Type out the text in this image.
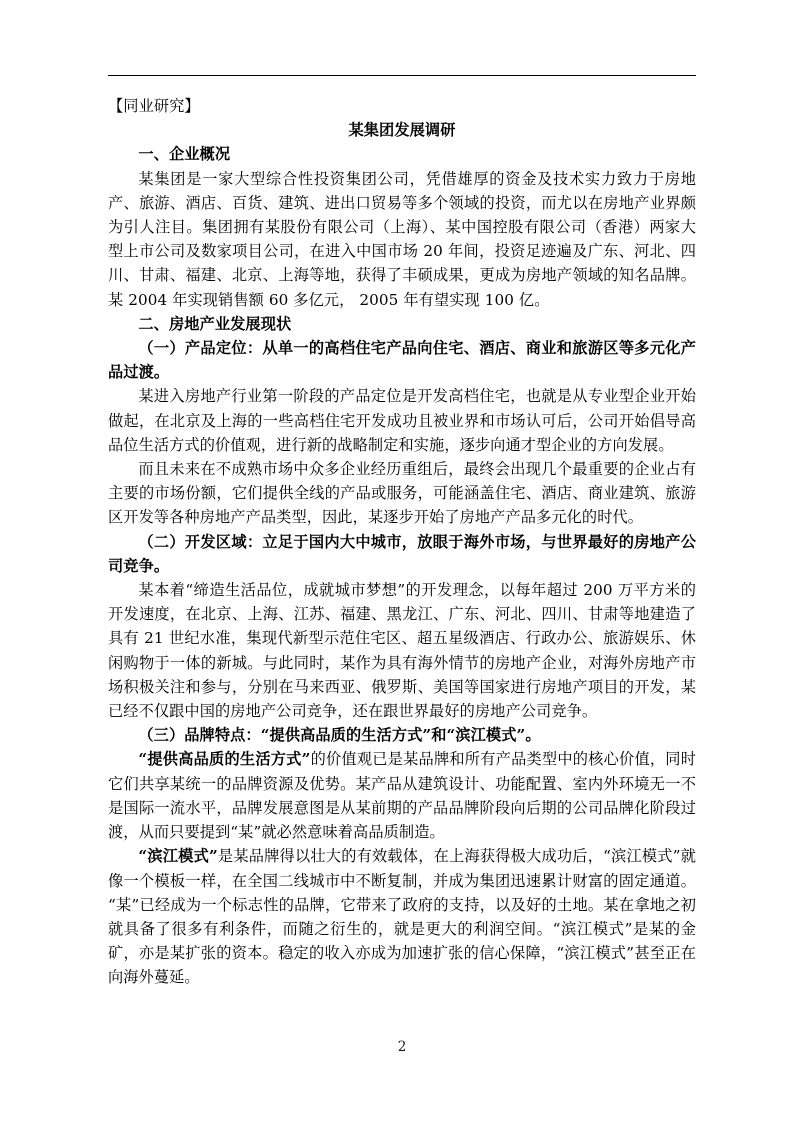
【同业研究】

某集团发展调研

一、企业概况

某集团是一家大型综合性投资集团公司，凭借雄厚的资金及技术实力致力于房地产、旅游、酒店、百货、建筑、进出口贸易等多个领域的投资，而尤以在房地产业界颇为引人注目。集团拥有某股份有限公司（上海）、某中国控股有限公司（香港）两家大型上市公司及数家项目公司，在进入中国市场 20 年间，投资足迹遍及广东、河北、四川、甘肃、福建、北京、上海等地，获得了丰硕成果，更成为房地产领域的知名品牌。某 2004 年实现销售额 60 多亿元， 2005 年有望实现 100 亿。

二、房地产业发展现状

（一）产品定位：从单一的高档住宅产品向住宅、酒店、商业和旅游区等多元化产品过渡。

某进入房地产行业第一阶段的产品定位是开发高档住宅，也就是从专业型企业开始做起，在北京及上海的一些高档住宅开发成功且被业界和市场认可后，公司开始倡导高品位生活方式的价值观，进行新的战略制定和实施，逐步向通才型企业的方向发展。

而且未来在不成熟市场中众多企业经历重组后，最终会出现几个最重要的企业占有主要的市场份额，它们提供全线的产品或服务，可能涵盖住宅、酒店、商业建筑、旅游区开发等各种房地产产品类型，因此，某逐步开始了房地产产品多元化的时代。

（二）开发区域：立足于国内大中城市，放眼于海外市场，与世界最好的房地产公司竞争。

某本着“缔造生活品位，成就城市梦想”的开发理念，以每年超过 200 万平方米的开发速度，在北京、上海、江苏、福建、黑龙江、广东、河北、四川、甘肃等地建造了具有 21 世纪水准，集现代新型示范住宅区、超五星级酒店、行政办公、旅游娱乐、休闲购物于一体的新城。与此同时，某作为具有海外情节的房地产企业，对海外房地产市场积极关注和参与，分别在马来西亚、俄罗斯、美国等国家进行房地产项目的开发，某已经不仅跟中国的房地产公司竞争，还在跟世界最好的房地产公司竞争。

（三）品牌特点：“提供高品质的生活方式”和“滨江模式”。

“提供高品质的生活方式”的价值观已是某品牌和所有产品类型中的核心价值，同时它们共享某统一的品牌资源及优势。某产品从建筑设计、功能配置、室内外环境无一不是国际一流水平，品牌发展意图是从某前期的产品品牌阶段向后期的公司品牌化阶段过渡，从而只要提到“某”就必然意味着高品质制造。

“滨江模式”是某品牌得以壮大的有效载体，在上海获得极大成功后，“滨江模式”就像一个模板一样，在全国二线城市中不断复制，并成为集团迅速累计财富的固定通道。“某”已经成为一个标志性的品牌，它带来了政府的支持，以及好的土地。某在拿地之初就具备了很多有利条件，而随之衍生的，就是更大的利润空间。“滨江模式”是某的金矿，亦是某扩张的资本。稳定的收入亦成为加速扩张的信心保障，“滨江模式”甚至正在向海外蔓延。

2
